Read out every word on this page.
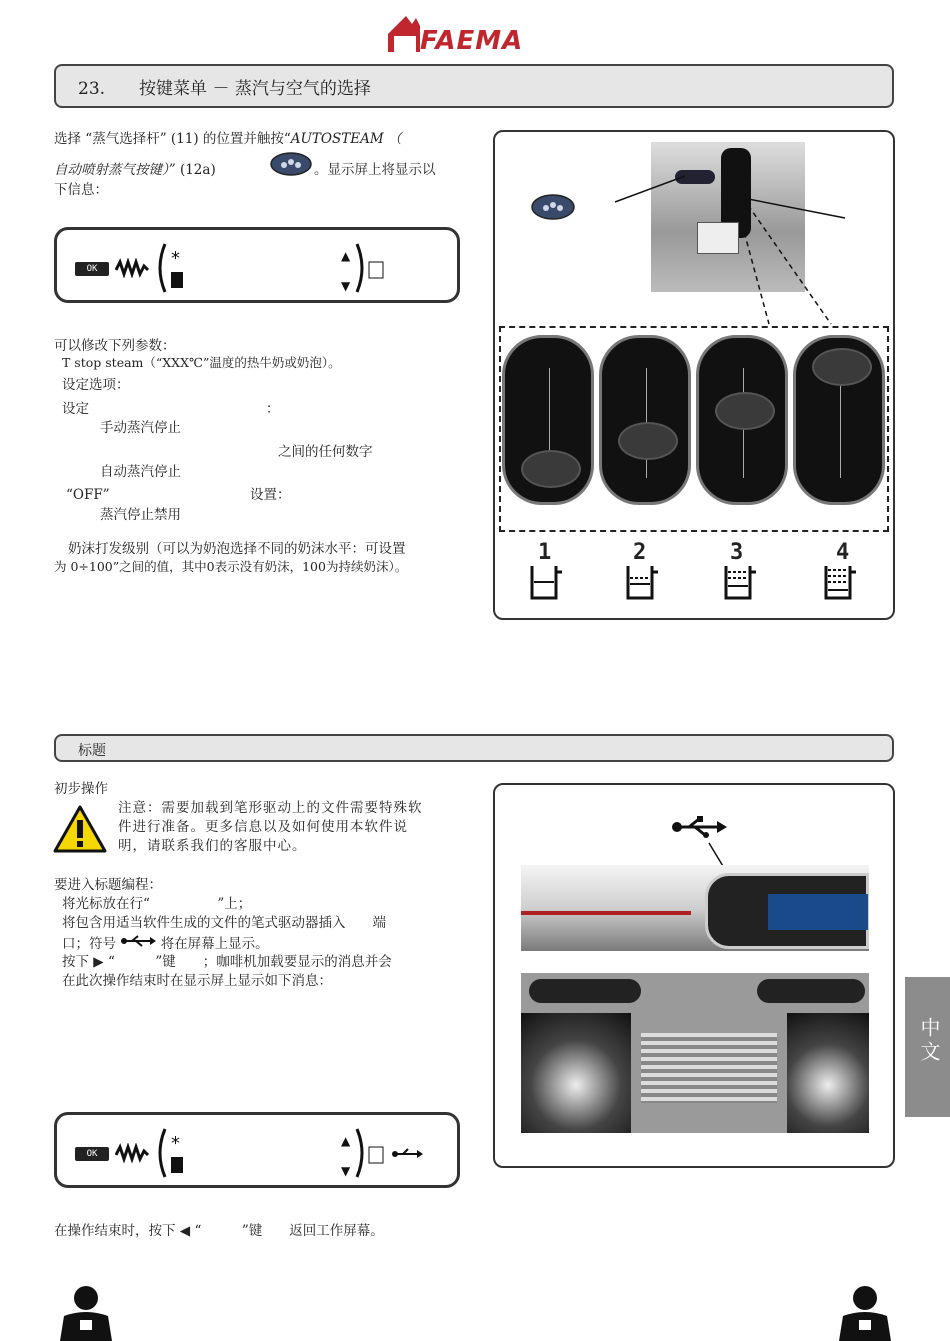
FAEMA
23.　　按键菜单 － 蒸汽与空气的选择
选择 “蒸气选择杆” (11) 的位置并触按“AUTOSTEAM （
自动喷射蒸气按键）” (12a)	。显示屏上将显示以
下信息：
OK	*	▲
▼
可以修改下列参数：
T stop steam（“XXX℃”温度的热牛奶或奶泡）。
设定选项：
设定	：
手动蒸汽停止
之间的任何数字
自动蒸汽停止
“OFF”	设置：
蒸汽停止禁用
奶沫打发级别（可以为奶泡选择不同的奶沫水平：可设置
为 0÷100”之间的值，其中0表示没有奶沫，100为持续奶沫）。
1	2	3	4
标题
初步操作
注意：需要加载到笔形驱动上的文件需要特殊软
件进行准备。更多信息以及如何使用本软件说
明，请联系我们的客服中心。
要进入标题编程：
将光标放在行“　　　　　”上；
将包含用适当软件生成的文件的笔式驱动器插入　　端
口；符号	将在屏幕上显示。
按下 ▶ “　　　”键　　；咖啡机加载要显示的消息并会
在此次操作结束时在显示屏上显示如下消息：
OK	*	▲
▼
在操作结束时，按下 ◀ “　　　”键　　返回工作屏幕。
中文
